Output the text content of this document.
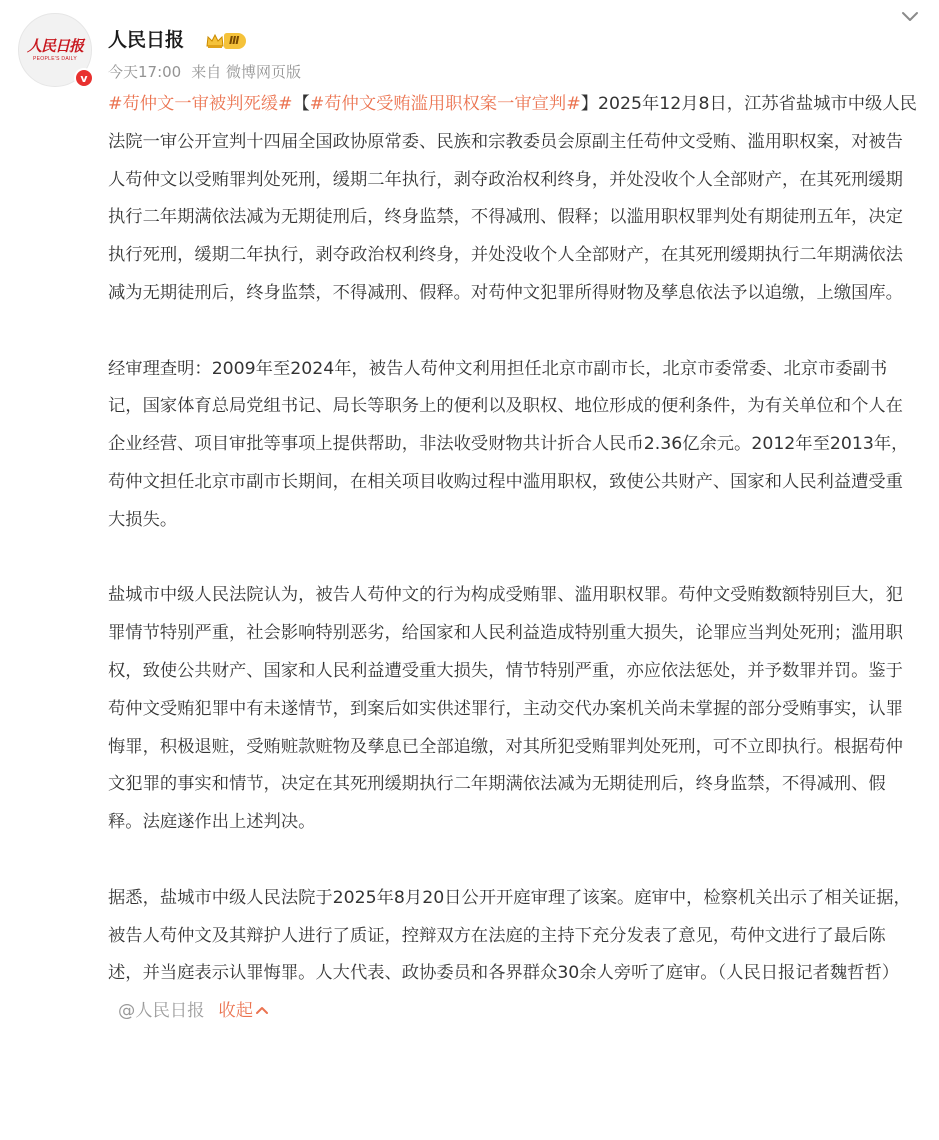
人民日报
PEOPLE'S DAILY
v
人民日报	Ⅲ
今天17:00 来自 微博网页版

#苟仲文一审被判死缓#【#苟仲文受贿滥用职权案一审宣判#】2025年12月8日，江苏省盐城市中级人民法院一审公开宣判十四届全国政协原常委、民族和宗教委员会原副主任苟仲文受贿、滥用职权案，对被告人苟仲文以受贿罪判处死刑，缓期二年执行，剥夺政治权利终身，并处没收个人全部财产，在其死刑缓期执行二年期满依法减为无期徒刑后，终身监禁，不得减刑、假释；以滥用职权罪判处有期徒刑五年，决定执行死刑，缓期二年执行，剥夺政治权利终身，并处没收个人全部财产，在其死刑缓期执行二年期满依法减为无期徒刑后，终身监禁，不得减刑、假释。对苟仲文犯罪所得财物及孳息依法予以追缴，上缴国库。

经审理查明：2009年至2024年，被告人苟仲文利用担任北京市副市长，北京市委常委、北京市委副书记，国家体育总局党组书记、局长等职务上的便利以及职权、地位形成的便利条件，为有关单位和个人在企业经营、项目审批等事项上提供帮助，非法收受财物共计折合人民币2.36亿余元。2012年至2013年，苟仲文担任北京市副市长期间，在相关项目收购过程中滥用职权，致使公共财产、国家和人民利益遭受重大损失。

盐城市中级人民法院认为，被告人苟仲文的行为构成受贿罪、滥用职权罪。苟仲文受贿数额特别巨大，犯罪情节特别严重，社会影响特别恶劣，给国家和人民利益造成特别重大损失，论罪应当判处死刑；滥用职权，致使公共财产、国家和人民利益遭受重大损失，情节特别严重，亦应依法惩处，并予数罪并罚。鉴于苟仲文受贿犯罪中有未遂情节，到案后如实供述罪行，主动交代办案机关尚未掌握的部分受贿事实，认罪悔罪，积极退赃，受贿赃款赃物及孳息已全部追缴，对其所犯受贿罪判处死刑，可不立即执行。根据苟仲文犯罪的事实和情节，决定在其死刑缓期执行二年期满依法减为无期徒刑后，终身监禁，不得减刑、假释。法庭遂作出上述判决。

据悉，盐城市中级人民法院于2025年8月20日公开开庭审理了该案。庭审中，检察机关出示了相关证据，被告人苟仲文及其辩护人进行了质证，控辩双方在法庭的主持下充分发表了意见，苟仲文进行了最后陈述，并当庭表示认罪悔罪。人大代表、政协委员和各界群众30余人旁听了庭审。（人民日报记者魏哲哲）@人民日报 收起
